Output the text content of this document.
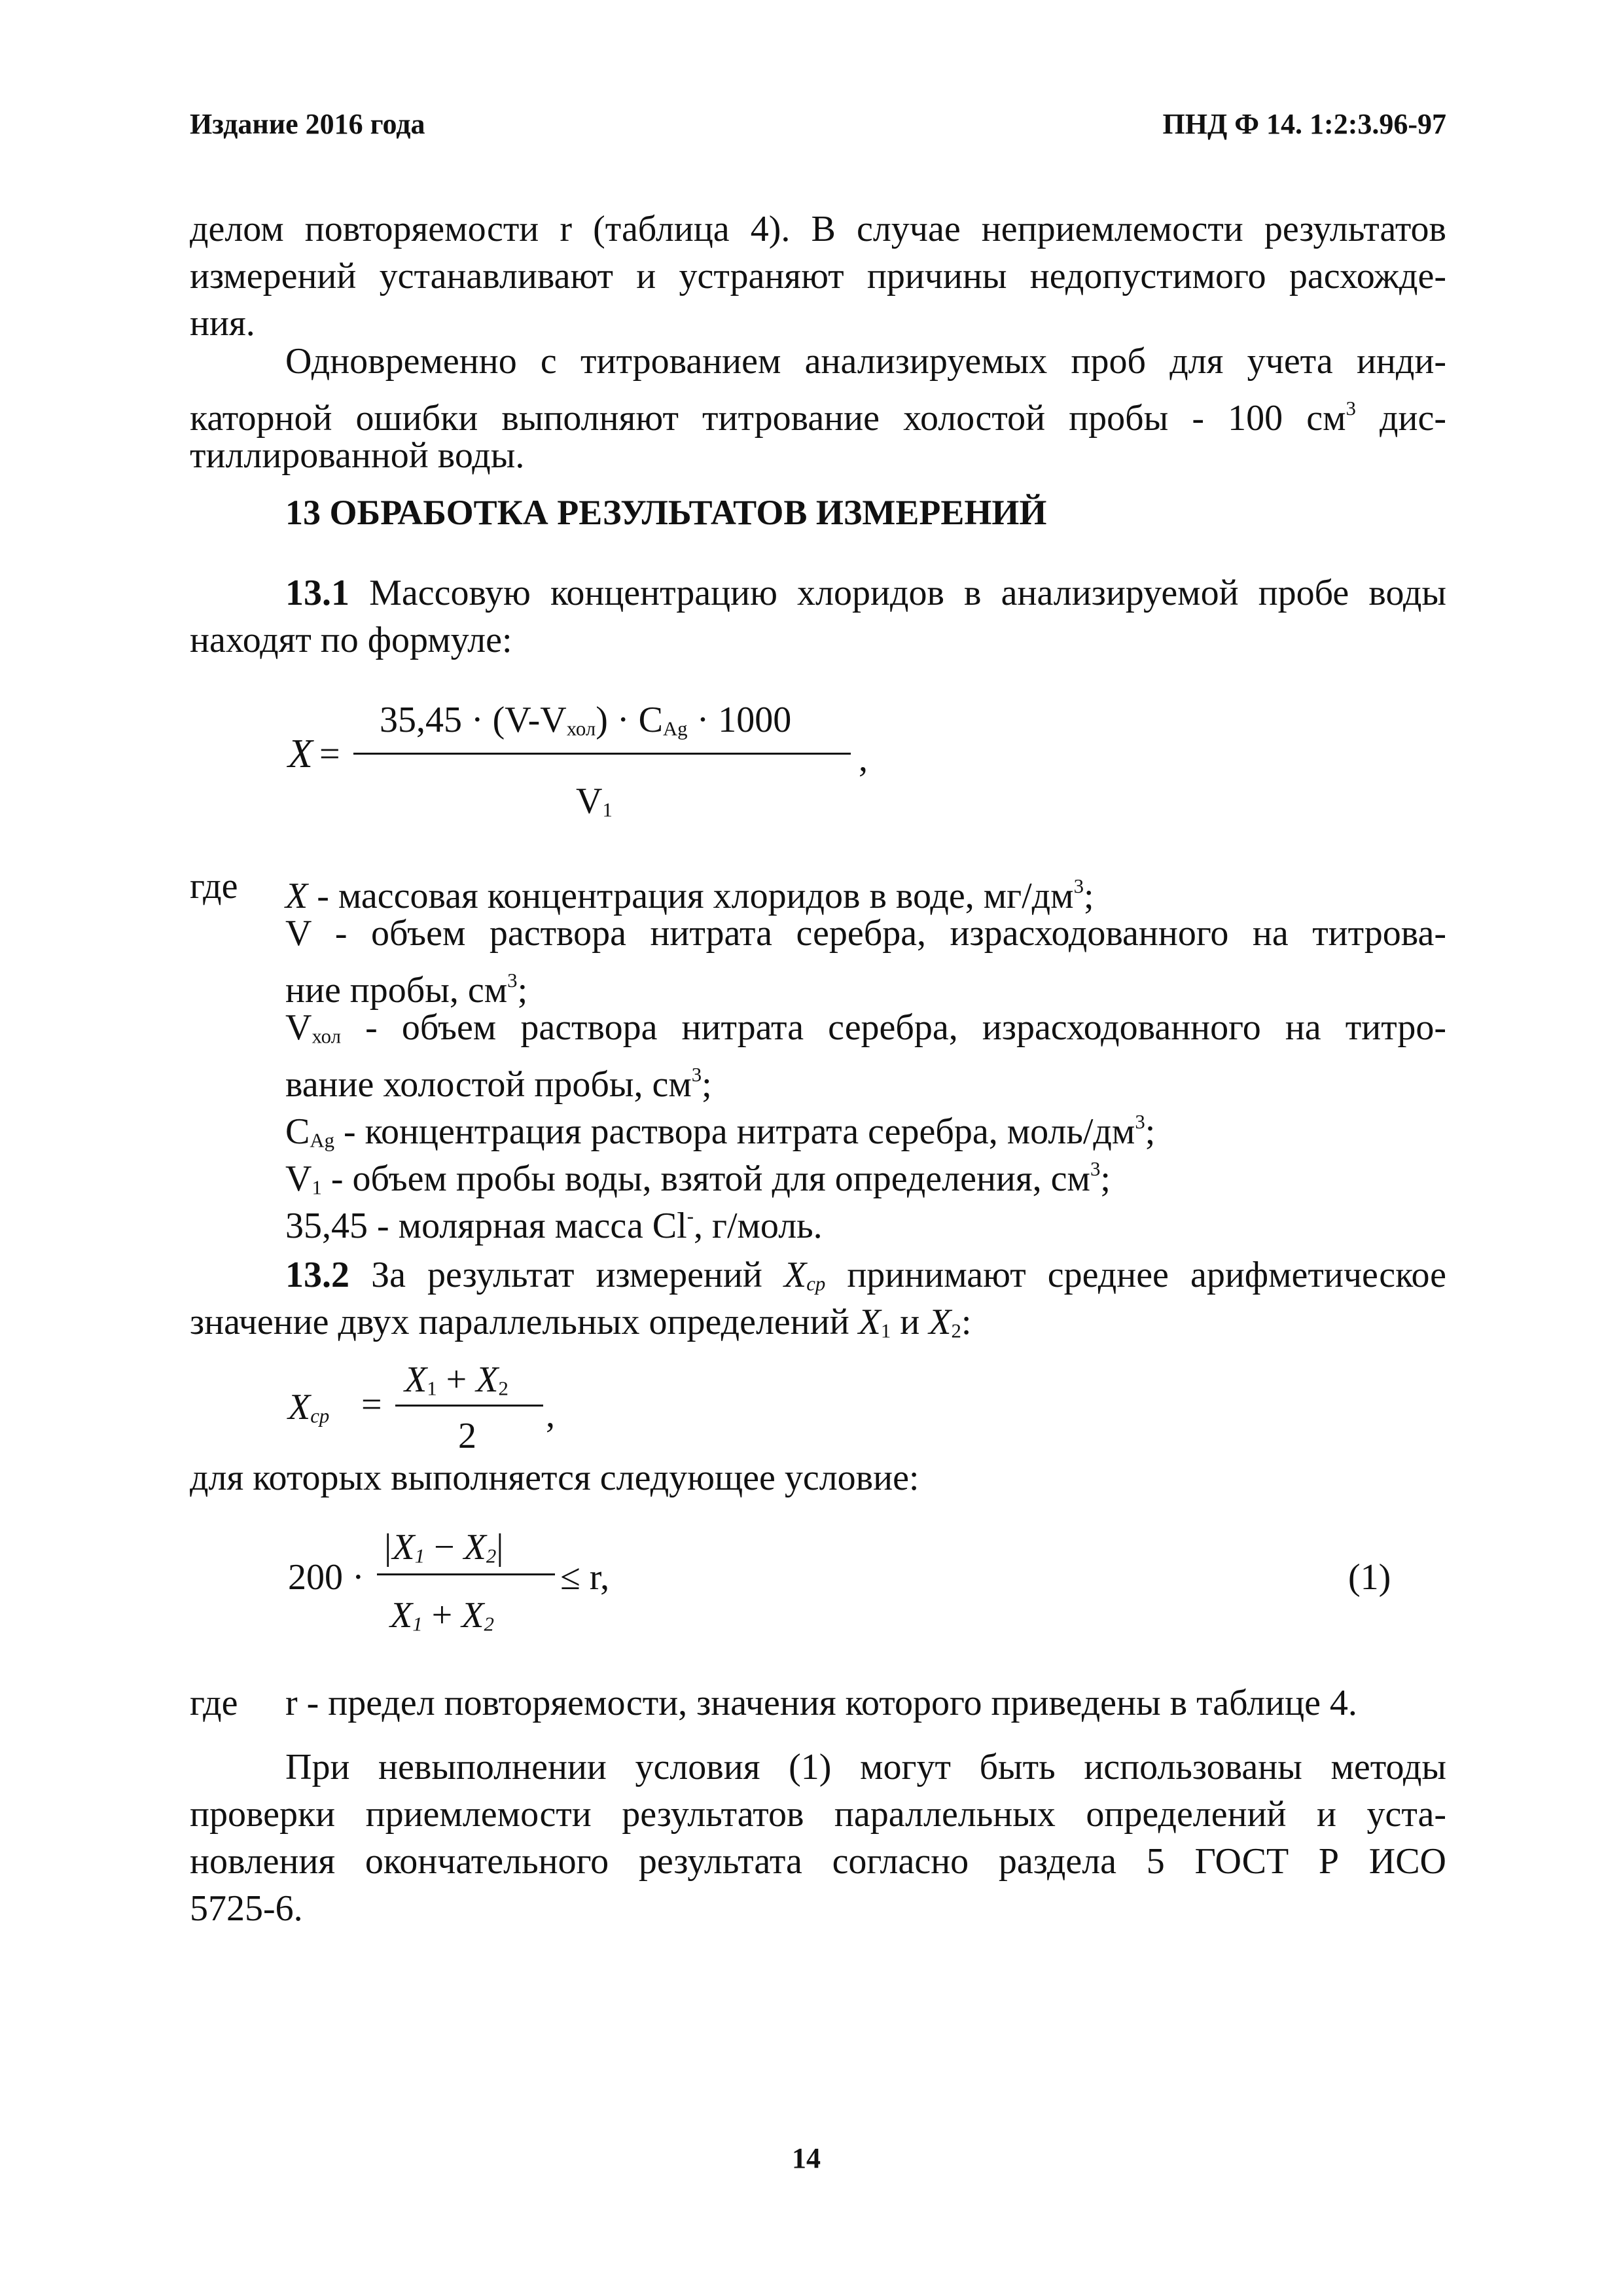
Издание 2016 года	ПНД Ф 14. 1:2:3.96-97
делом повторяемости r (таблица 4). В случае неприемлемости результатов
измерений устанавливают и устраняют причины недопустимого расхожде-
ния.
Одновременно с титрованием анализируемых проб для учета инди-
каторной ошибки выполняют титрование холостой пробы - 100 $см^3$ дис-
тиллированной воды.
13 ОБРАБОТКА РЕЗУЛЬТАТОВ ИЗМЕРЕНИЙ
13.1 Массовую концентрацию хлоридов в анализируемой пробе воды
находят по формуле:
X =
35,45 · (V-Vхол) · CAg · 1000
,
V1
где X - массовая концентрация хлоридов в воде, $мг/дм^3$;
V - объем раствора нитрата серебра, израсходованного на титрова-
ние пробы, $см^3$;
Vхол - объем раствора нитрата серебра, израсходованного на титро-
вание холостой пробы, $см^3$;
CAg - концентрация раствора нитрата серебра, моль/$дм^3$;
V1 - объем пробы воды, взятой для определения, $см^3$;
35,45 - молярная масса Cl-, г/моль.
13.2 За результат измерений Xср принимают среднее арифметическое
значение двух параллельных определений X1 и X2:
Xср =
X1 + X2
2
,
для которых выполняется следующее условие:
200 ·
|X1 − X2|
X1 + X2
≤ r,	(1)
где r - предел повторяемости, значения которого приведены в таблице 4.
При невыполнении условия (1) могут быть использованы методы
проверки приемлемости результатов параллельных определений и уста-
новления окончательного результата согласно раздела 5 ГОСТ Р ИСО
5725-6.
14
